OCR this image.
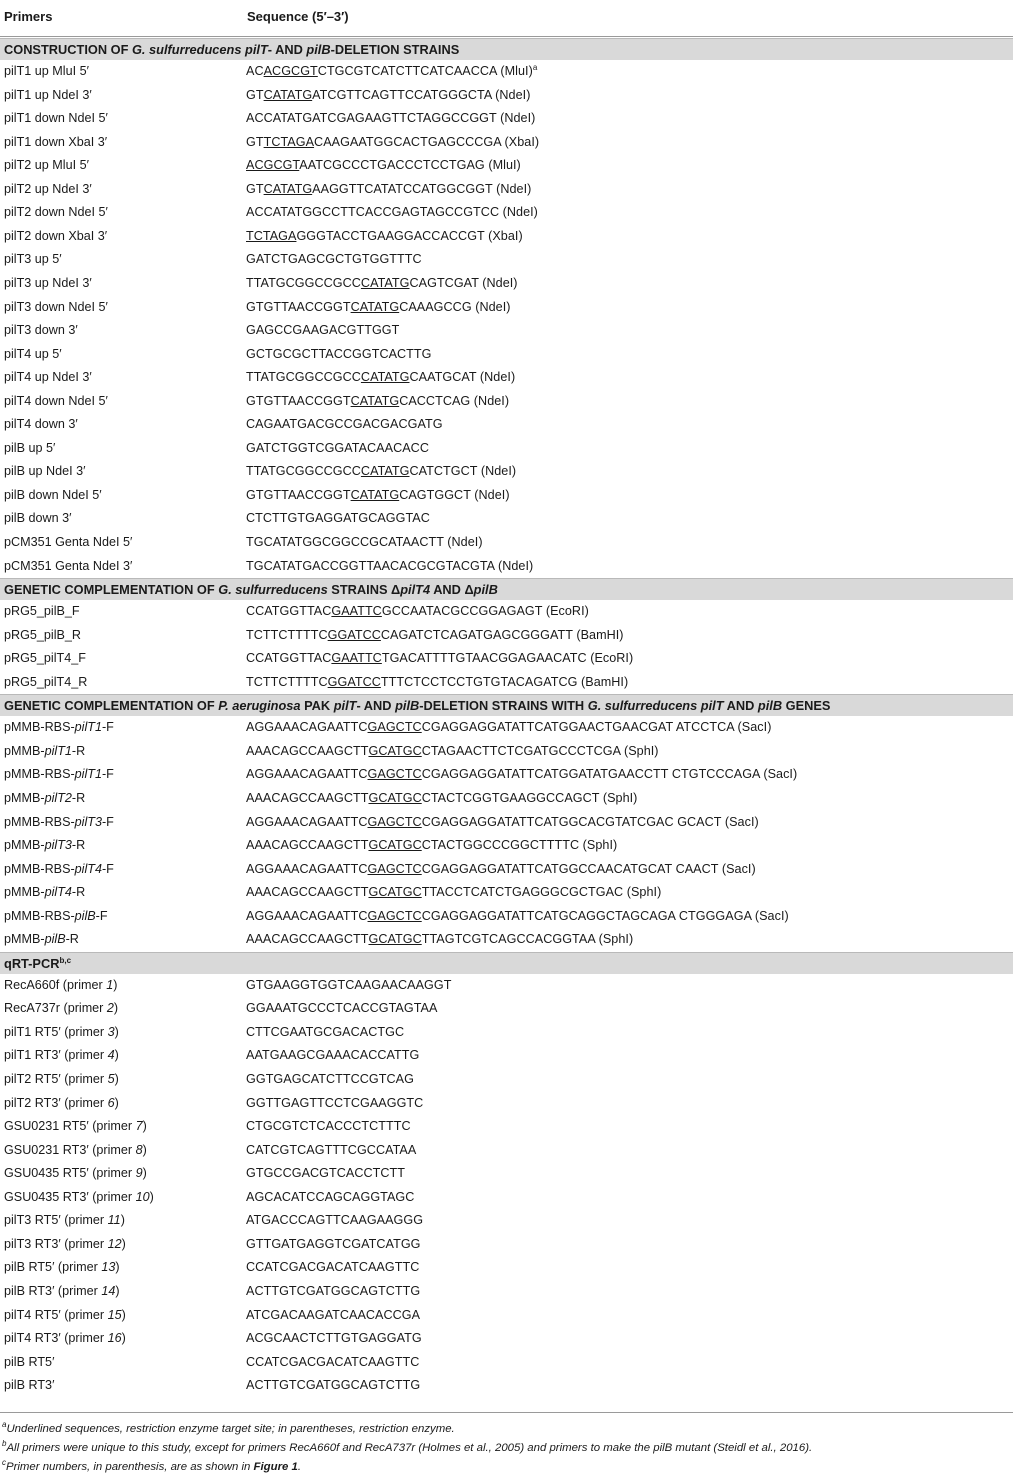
Primers	Sequence (5′–3′)
CONSTRUCTION OF G. sulfurreducens pilT- AND pilB-DELETION STRAINS
pilT1 up MluI 5′	ACACGCGTCTGCGTCATCTTCATCAACCA (MluI)$^a$
pilT1 up NdeI 3′	GTCATATGATCGTTCAGTTCCATGGGCTA (NdeI)
pilT1 down NdeI 5′	ACCATATGATCGAGAAGTTCTAGGCCGGT (NdeI)
pilT1 down XbaI 3′	GTTCTAGACAAGAATGGCACTGAGCCCGA (XbaI)
pilT2 up MluI 5′	ACGCGTAATCGCCCTGACCCTCCTGAG (MluI)
pilT2 up NdeI 3′	GTCATATGAAGGTTCATATCCATGGCGGT (NdeI)
pilT2 down NdeI 5′	ACCATATGGCCTTCACCGAGTAGCCGTCC (NdeI)
pilT2 down XbaI 3′	TCTAGAGGGTACCTGAAGGACCACCGT (XbaI)
pilT3 up 5′	GATCTGAGCGCTGTGGTTTC
pilT3 up NdeI 3′	TTATGCGGCCGCCCATATGCAGTCGAT (NdeI)
pilT3 down NdeI 5′	GTGTTAACCGGTCATATGCAAAGCCG (NdeI)
pilT3 down 3′	GAGCCGAAGACGTTGGT
pilT4 up 5′	GCTGCGCTTACCGGTCACTTG
pilT4 up NdeI 3′	TTATGCGGCCGCCCATATGCAATGCAT (NdeI)
pilT4 down NdeI 5′	GTGTTAACCGGTCATATGCACCTCAG (NdeI)
pilT4 down 3′	CAGAATGACGCCGACGACGATG
pilB up 5′	GATCTGGTCGGATACAACACC
pilB up NdeI 3′	TTATGCGGCCGCCCATATGCATCTGCT (NdeI)
pilB down NdeI 5′	GTGTTAACCGGTCATATGCAGTGGCT (NdeI)
pilB down 3′	CTCTTGTGAGGATGCAGGTAC
pCM351 Genta NdeI 5′	TGCATATGGCGGCCGCATAACTT (NdeI)
pCM351 Genta NdeI 3′	TGCATATGACCGGTTAACACGCGTACGTA (NdeI)
GENETIC COMPLEMENTATION OF G. sulfurreducens STRAINS ΔpilT4 AND ΔpilB
pRG5_pilB_F	CCATGGTTACGAATTCGCCAATACGCCGGAGAGT (EcoRI)
pRG5_pilB_R	TCTTCTTTTCGGATCCCAGATCTCAGATGAGCGGGATT (BamHI)
pRG5_pilT4_F	CCATGGTTACGAATTCTGACATTTTGTAACGGAGAACATC (EcoRI)
pRG5_pilT4_R	TCTTCTTTTCGGATCCTTTCTCCTCCTGTGTACAGATCG (BamHI)
GENETIC COMPLEMENTATION OF P. aeruginosa PAK pilT- AND pilB-DELETION STRAINS WITH G. sulfurreducens pilT AND pilB GENES
pMMB-RBS-pilT1-F	AGGAAACAGAATTCGAGCTCCGAGGAGGATATTCATGGAACTGAACGAT ATCCTCA (SacI)
pMMB-pilT1-R	AAACAGCCAAGCTTGCATGCCTAGAACTTCTCGATGCCCTCGA (SphI)
pMMB-RBS-pilT1-F	AGGAAACAGAATTCGAGCTCCGAGGAGGATATTCATGGATATGAACCTT CTGTCCCAGA (SacI)
pMMB-pilT2-R	AAACAGCCAAGCTTGCATGCCTACTCGGTGAAGGCCAGCT (SphI)
pMMB-RBS-pilT3-F	AGGAAACAGAATTCGAGCTCCGAGGAGGATATTCATGGCACGTATCGAC GCACT (SacI)
pMMB-pilT3-R	AAACAGCCAAGCTTGCATGCCTACTGGCCCGGCTTTTC (SphI)
pMMB-RBS-pilT4-F	AGGAAACAGAATTCGAGCTCCGAGGAGGATATTCATGGCCAACATGCAT CAACT (SacI)
pMMB-pilT4-R	AAACAGCCAAGCTTGCATGCTTACCTCATCTGAGGGCGCTGAC (SphI)
pMMB-RBS-pilB-F	AGGAAACAGAATTCGAGCTCCGAGGAGGATATTCATGCAGGCTAGCAGA CTGGGAGA (SacI)
pMMB-pilB-R	AAACAGCCAAGCTTGCATGCTTAGTCGTCAGCCACGGTAA (SphI)
qRT-PCR$^{b,c}$
RecA660f (primer 1)	GTGAAGGTGGTCAAGAACAAGGT
RecA737r (primer 2)	GGAAATGCCCTCACCGTAGTAA
pilT1 RT5′ (primer 3)	CTTCGAATGCGACACTGC
pilT1 RT3′ (primer 4)	AATGAAGCGAAACACCATTG
pilT2 RT5′ (primer 5)	GGTGAGCATCTTCCGTCAG
pilT2 RT3′ (primer 6)	GGTTGAGTTCCTCGAAGGTC
GSU0231 RT5′ (primer 7)	CTGCGTCTCACCCTCTTTC
GSU0231 RT3′ (primer 8)	CATCGTCAGTTTCGCCATAA
GSU0435 RT5′ (primer 9)	GTGCCGACGTCACCTCTT
GSU0435 RT3′ (primer 10)	AGCACATCCAGCAGGTAGC
pilT3 RT5′ (primer 11)	ATGACCCAGTTCAAGAAGGG
pilT3 RT3′ (primer 12)	GTTGATGAGGTCGATCATGG
pilB RT5′ (primer 13)	CCATCGACGACATCAAGTTC
pilB RT3′ (primer 14)	ACTTGTCGATGGCAGTCTTG
pilT4 RT5′ (primer 15)	ATCGACAAGATCAACACCGA
pilT4 RT3′ (primer 16)	ACGCAACTCTTGTGAGGATG
pilB RT5′	CCATCGACGACATCAAGTTC
pilB RT3′	ACTTGTCGATGGCAGTCTTG
$^a$Underlined sequences, restriction enzyme target site; in parentheses, restriction enzyme.
$^b$All primers were unique to this study, except for primers RecA660f and RecA737r (Holmes et al., 2005) and primers to make the pilB mutant (Steidl et al., 2016).
$^c$Primer numbers, in parenthesis, are as shown in Figure 1.
